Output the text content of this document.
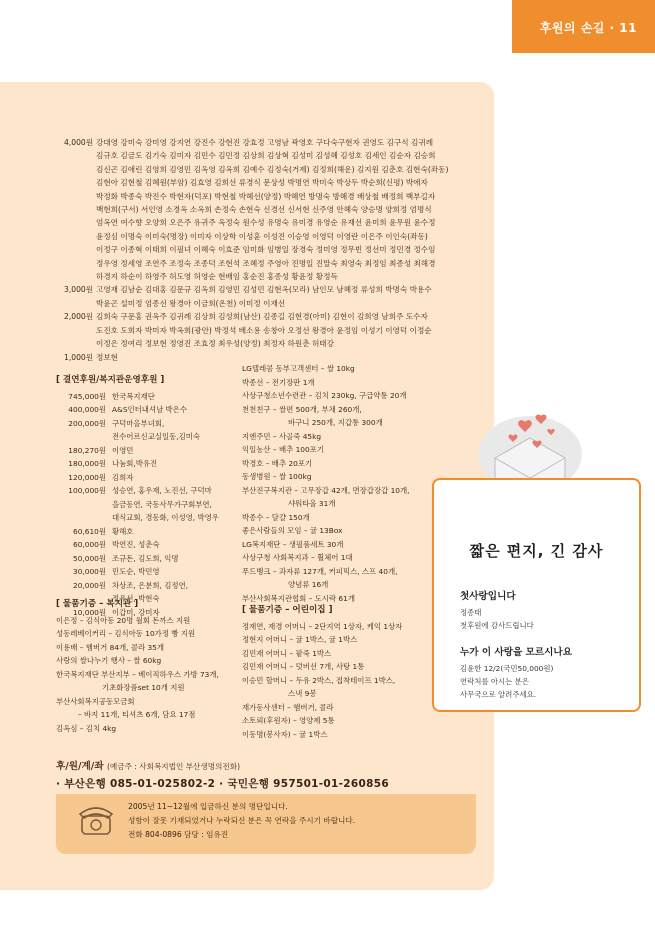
후원의 손길 · 11
4,000원 강대영 강미숙 강미영 강지연 강진수 강현진 강효정 고영남 곽영호 구다숙구현자 권영도 김구식 김귀례
김규호 김금도 김기숙 김미자 김민수 김민정 김상희 김상혁 김성미 김성혜 김성호 김세인 김순자 김승희
김신곤 김애린 김영희 김영민 김옥영 김옥희 김예수 김정숙(거제) 김정희(해운) 김지원 김춘호 김현숙(좌동)
김현아 김현철 김혜원(부암) 김효영 김희선 류경식 문상성 박명연 박미숙 박상두 박순희(신평) 박애자
박정화 박종숙 박진수 박현자(덕포) 박현철 박혜선(양정) 박혜연 방명숙 방혜경 배상철 배정희 백부길자
백현희(구서) 서인영 소경옥 소옥희 손정숙 손현숙 신경선 신서현 신주영 안혜숙 양승명 양희정 엄명식
엄옥연 여수향 오양희 오은주 유귀주 옥정숙 원수성 유명숙 유미경 유영순 유재선 윤미희 윤무원 윤수정
윤정심 이명숙 이미숙(명장) 이미자 이상학 이성훈 이성진 이승영 이영덕 이영란 이은주 이인숙(좌동)
이정구 이종혁 이태희 이필녀 이혜숙 이효준 임미화 임병일 장경숙 정미영 정무빈 정선미 정민경 정수임
정우영 정세영 조연주 조정숙 조종덕 조현석 조혜정 주영아 진명일 진말숙 최영숙 최정임 최종성 최해경
하경지 하순이 하영주 허도영 허영순 현배임 홍순진 홍종성 황윤정 황정득
3,000원 고영재 김남순 김대홍 김문규 김옥희 김영민 김성민 김현옥(모라) 남인모 남혜정 류성희 박명숙 박용수
박윤곤 설미정 엄종선 왕경아 이금희(온천) 이미정 이재선
2,000원 김희숙 구문홍 권옥주 김귀례 김상희 김성희(남산) 김종길 김현경(아미) 김현이 김희영 남희주 도수자
도진호 도희자 박미자 박옥희(광안) 박정석 배소용 송창아 오정선 왕경아 윤정임 이성기 이영덕 이정순
이정은 정여리 정보현 정영진 조효정 최우성(양정) 최정자 하원춘 허태강
1,000원 정보현
[ 결연후원/복지관운영후원 ]
745,000원 한국복지재단
400,000원 A&S인터내셔날 박은수
200,000원 구덕마을부녀회,
전수어르신교실일동,김미숙
180,270원 이영민
180,000원 나눔회,박유진
120,000원 김희자
100,000원 성승연, 홍우재, 노진선, 구덕마
을금동연, 국동사무가구회부연,
대식교회, 경동화, 이성영, 박영우
60,610원 황해호
60,000원 박연진, 성춘숙
50,000원 조규돈, 김도희, 익명
30,000원 민도순, 박민영
20,000원 차상조, 은분희, 김정연,
정유선, 박현숙
10,000원 이갑미, 강미자
[ 물품기증 – 복지관 ]
이은정 – 김식아동 20명 월회 돈까스 지원
성동레베이커리 – 김식아동 10가정 빵 지원
이용배 – 햄버거 84개, 콜라 35개
사랑의 쌀나누기 행사 – 쌀 60kg
한국복지재단 부산지부 – 베이직하우스 가방 73개,
기초화장품set 10개 지원
부산사회복지공동모금회
– 바지 11개, 티셔츠 6개, 담요 17점
김옥심 – 김치 4kg
LG텔레콤 동부고객센터 – 쌀 10kg
박종선 – 전기장판 1개
사상구청소년수련관 – 김치 230kg, 구급약통 20개
천천친구 – 쌀편 500개, 부채 260개,
바구니 250개, 지갑통 300개
지엔주민 – 사골죽 45kg
익일농산 – 배추 100포기
박경호 – 배추 20포기
동생병원 – 쌀 100kg
부산진구복지관 – 고무장갑 42개, 면장갑장갑 10개,
샤워타올 31개
박종수 – 달걀 150개
좋은사람들의 모임 – 귤 13Box
LG복지재단 – 생필품세트 30개
사상구청 사회복지과 – 휠체어 1대
푸드뱅크 – 과자류 127개, 커피믹스, 스프 40개,
양념류 16개
부산사회복지관협회 – 도시락 61개
[ 물품기증 – 어린이집 ]
정재연, 재경 어머니 – 2단지역 1상자, 케익 1상자
정현지 어머니 – 귤 1박스, 귤 1박스
김민재 어머니 – 팥죽 1박스
김민재 어머니 – 덧버선 7개, 사탕 1통
이승민 할머니 – 두유 2박스, 접착테이프 1박스,
스낵 9봉
재가동사센터 – 햄버거, 콜라
소토뢰(후원자) – 영양제 5통
이동명(봉사자) – 귤 1박스
후/원/계/좌 (예금주 : 사회복지법인 부산생명의전화)
· 부산은행 085-01-025802-2 · 국민은행 957501-01-260856
2005년 11~12월에 입금하신 분의 명단입니다.
성함이 잘못 기재되었거나 누락되신 분은 꼭 연락을 주시기 바랍니다.
전화 804-0896 담당 : 임유진
짧은 편지, 긴 감사
첫사랑입니다
정종태
첫후원에 감사드립니다
누가 이 사랑을 모르시나요
김윤한 12/2(국민50,000원)
연락처를 아시는 분은
사무국으로 알려주세요.
